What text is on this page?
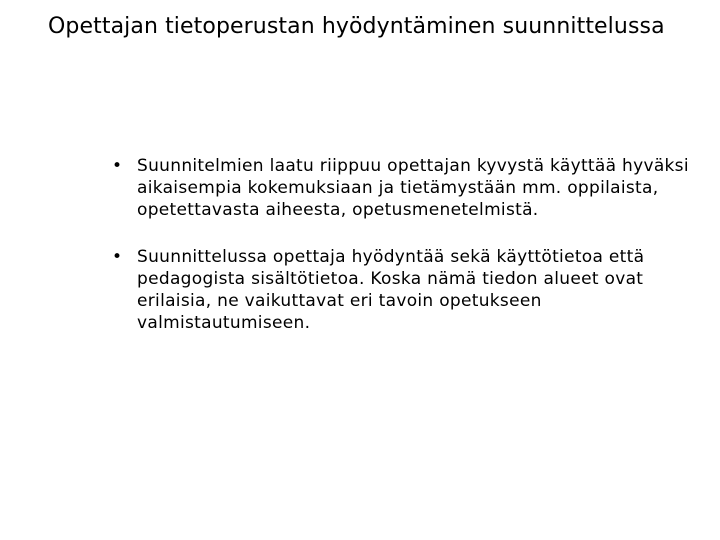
Opettajan tietoperustan hyödyntäminen suunnittelussa
• Suunnitelmien laatu riippuu opettajan kyvystä käyttää hyväksi aikaisempia kokemuksiaan ja tietämystään mm. oppilaista, opetettavasta aiheesta, opetusmenetelmistä.
• Suunnittelussa opettaja hyödyntää sekä käyttötietoa että pedagogista sisältötietoa. Koska nämä tiedon alueet ovat erilaisia, ne vaikuttavat eri tavoin opetukseen valmistautumiseen.
